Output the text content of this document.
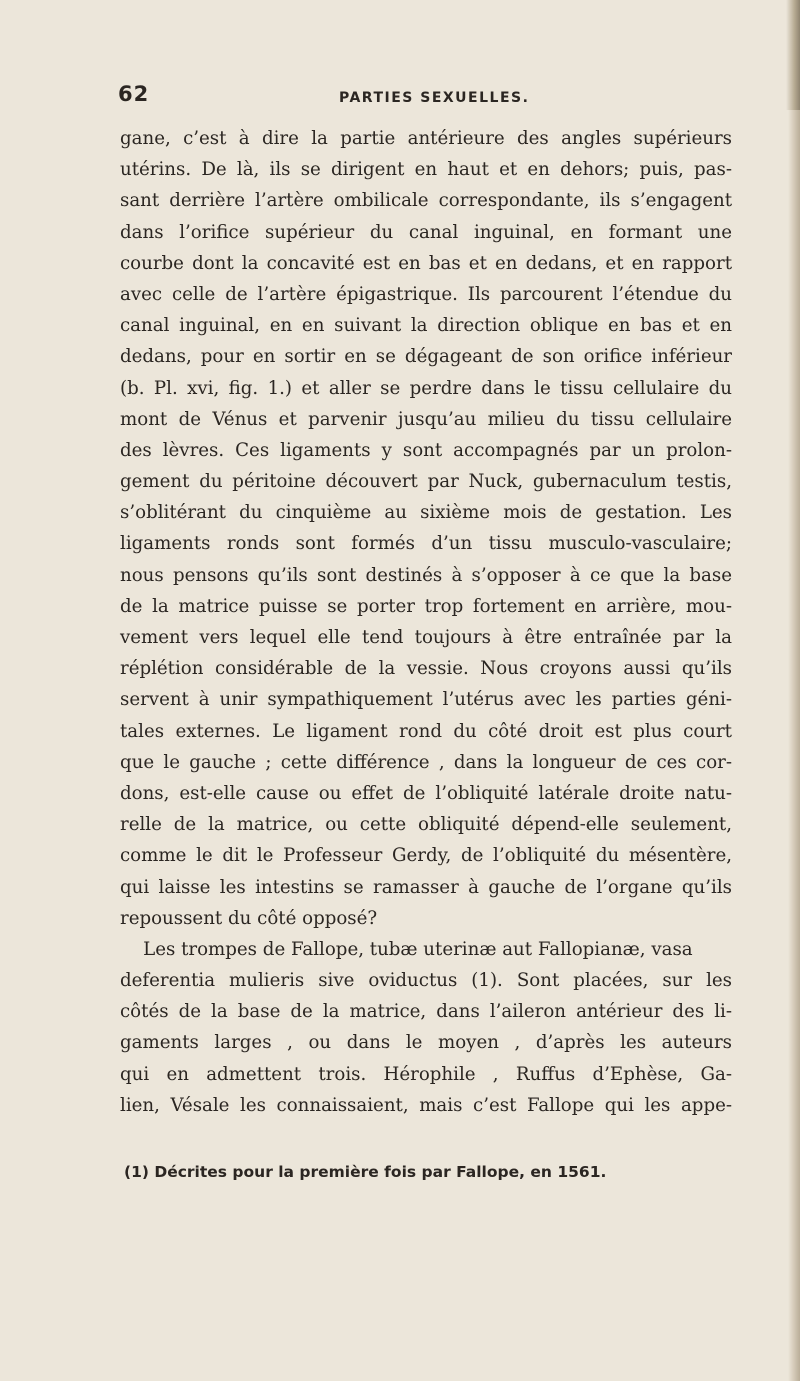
62	PARTIES SEXUELLES.
gane, c’est à dire la partie antérieure des angles supérieurs
utérins. De là, ils se dirigent en haut et en dehors; puis, pas-
sant derrière l’artère ombilicale correspondante, ils s’engagent
dans l’orifice supérieur du canal inguinal, en formant une
courbe dont la concavité est en bas et en dedans, et en rapport
avec celle de l’artère épigastrique. Ils parcourent l’étendue du
canal inguinal, en en suivant la direction oblique en bas et en
dedans, pour en sortir en se dégageant de son orifice inférieur
(b. Pl. xvi, fig. 1.) et aller se perdre dans le tissu cellulaire du
mont de Vénus et parvenir jusqu’au milieu du tissu cellulaire
des lèvres. Ces ligaments y sont accompagnés par un prolon-
gement du péritoine découvert par Nuck, gubernaculum testis,
s’oblitérant du cinquième au sixième mois de gestation. Les
ligaments ronds sont formés d’un tissu musculo-vasculaire;
nous pensons qu’ils sont destinés à s’opposer à ce que la base
de la matrice puisse se porter trop fortement en arrière, mou-
vement vers lequel elle tend toujours à être entraînée par la
réplétion considérable de la vessie. Nous croyons aussi qu’ils
servent à unir sympathiquement l’utérus avec les parties géni-
tales externes. Le ligament rond du côté droit est plus court
que le gauche ; cette différence , dans la longueur de ces cor-
dons, est-elle cause ou effet de l’obliquité latérale droite natu-
relle de la matrice, ou cette obliquité dépend-elle seulement,
comme le dit le Professeur Gerdy, de l’obliquité du mésentère,
qui laisse les intestins se ramasser à gauche de l’organe qu’ils
repoussent du côté opposé?
Les trompes de Fallope, tubæ uterinæ aut Fallopianæ, vasa
deferentia mulieris sive oviductus (1). Sont placées, sur les
côtés de la base de la matrice, dans l’aileron antérieur des li-
gaments larges , ou dans le moyen , d’après les auteurs
qui en admettent trois. Hérophile , Ruffus d’Ephèse, Ga-
lien, Vésale les connaissaient, mais c’est Fallope qui les appe-
(1) Décrites pour la première fois par Fallope, en 1561.
